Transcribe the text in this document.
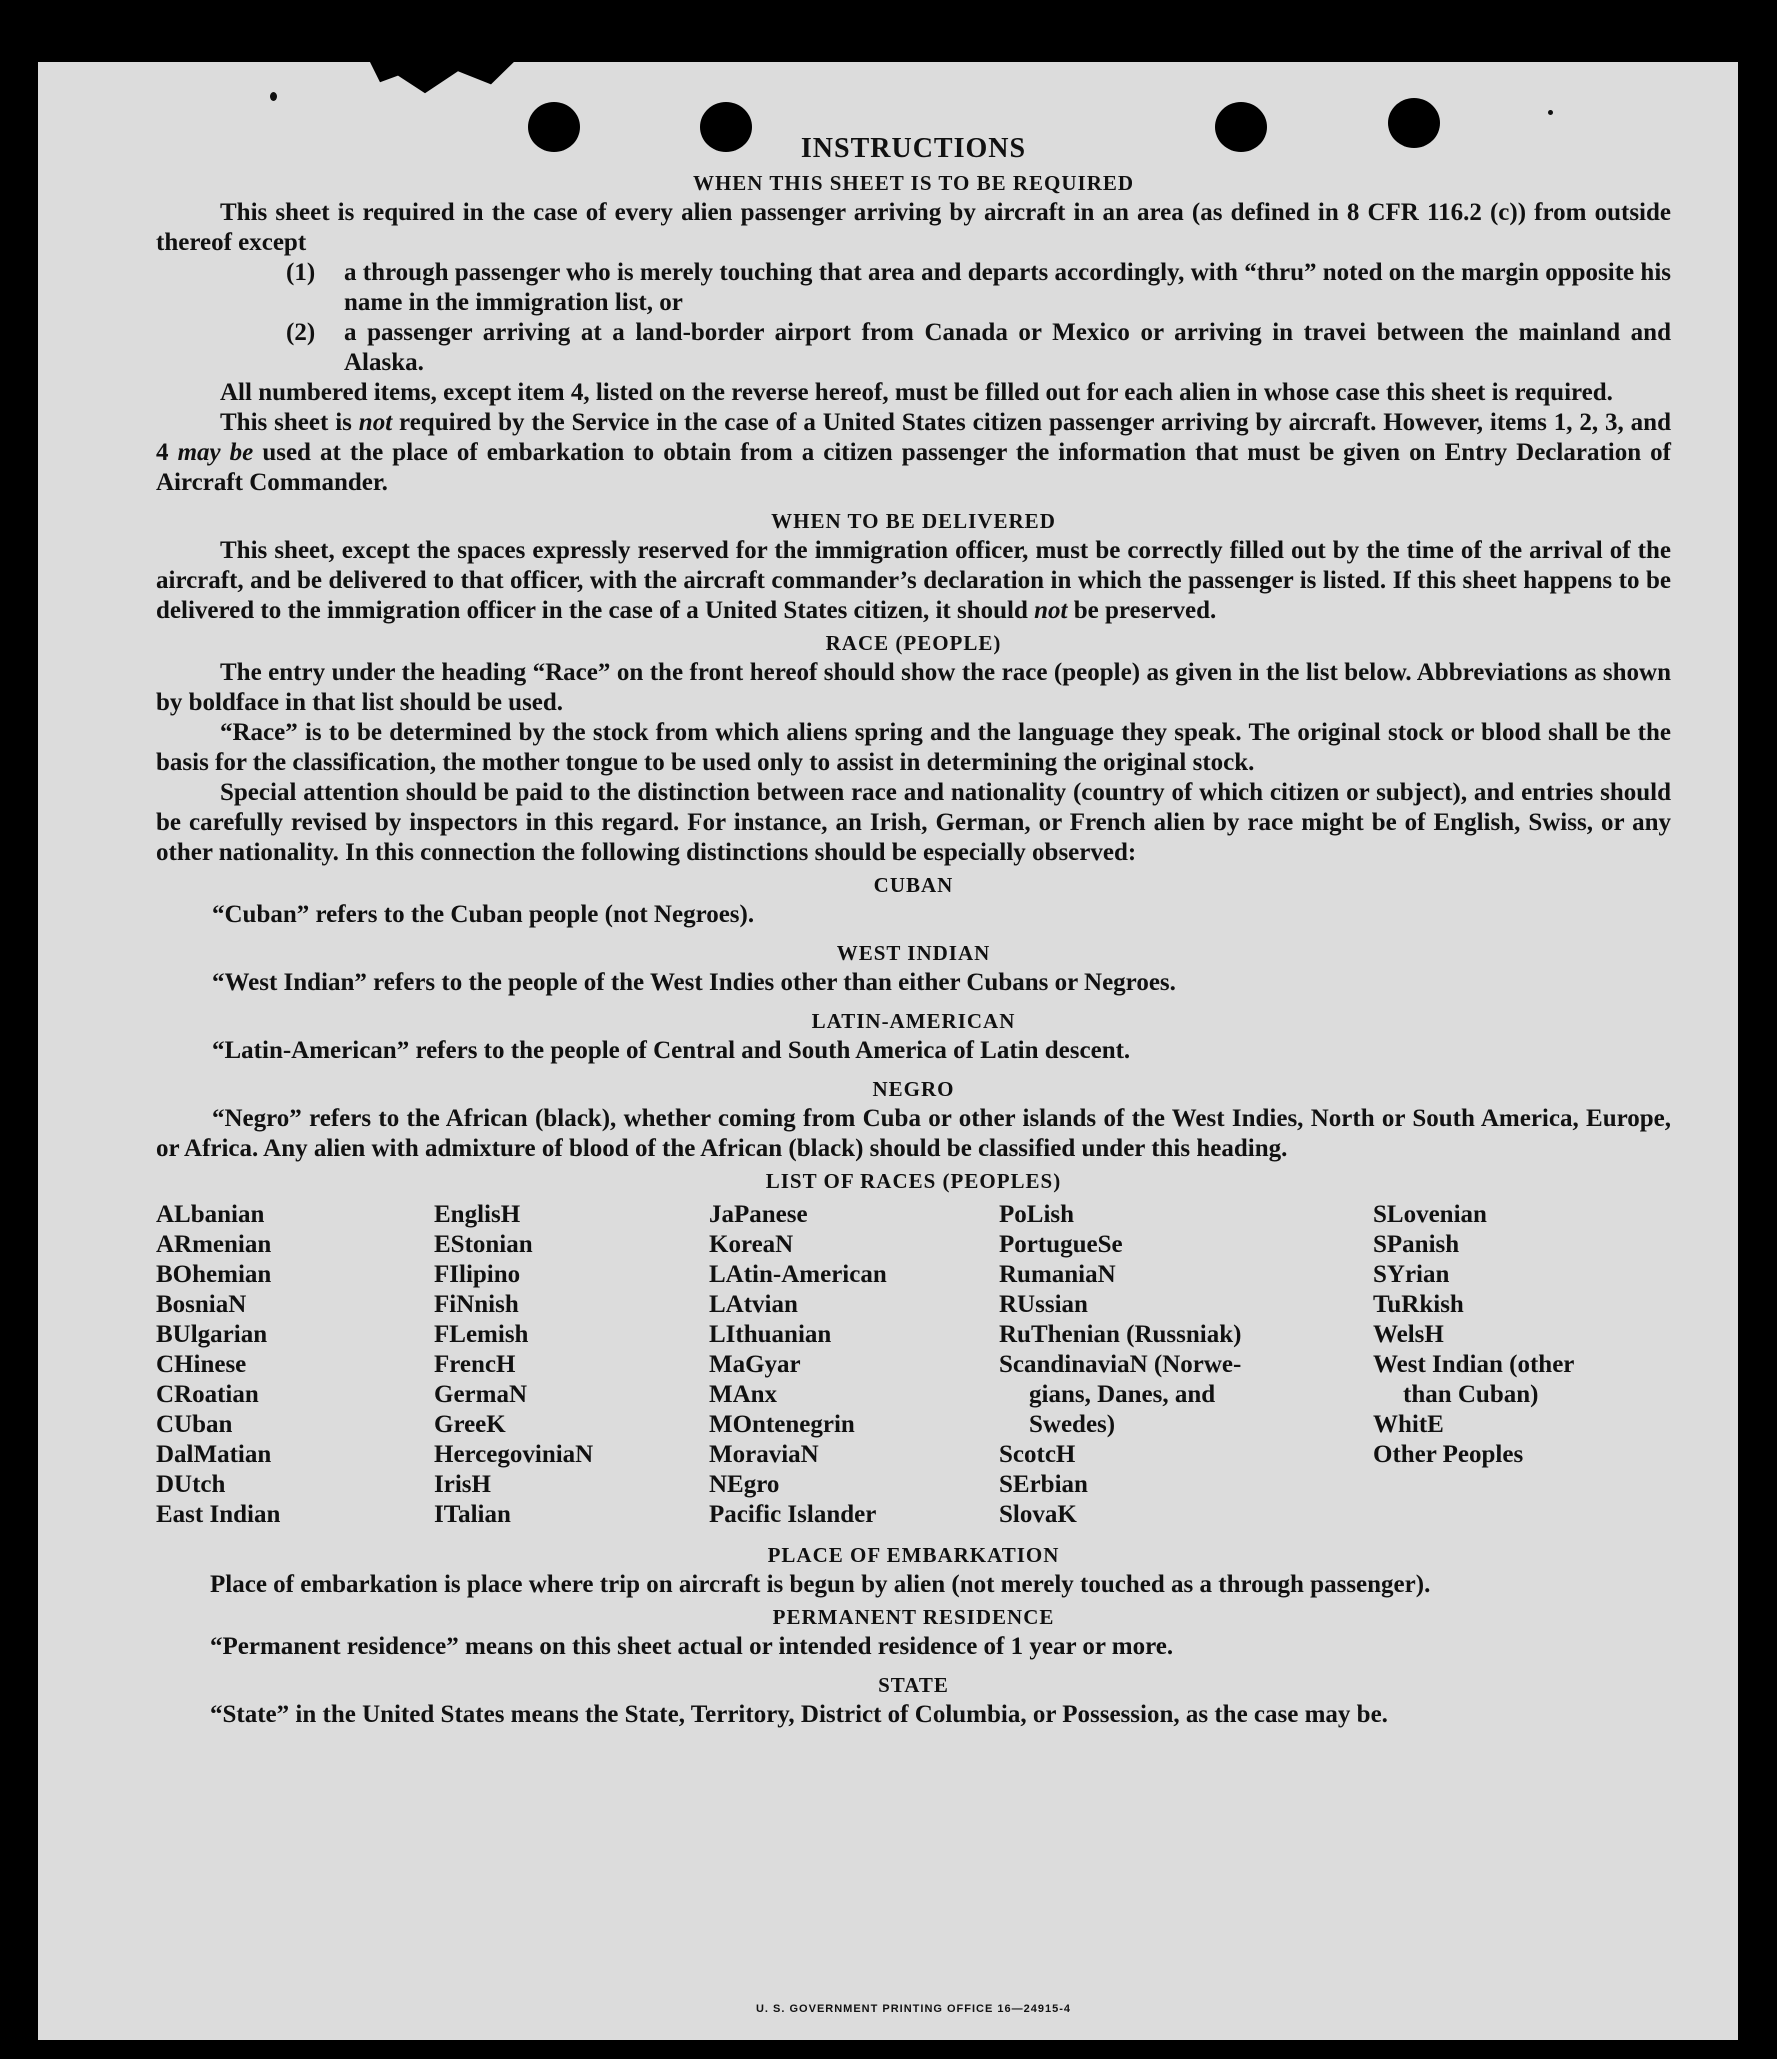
INSTRUCTIONS
WHEN THIS SHEET IS TO BE REQUIRED

This sheet is required in the case of every alien passenger arriving by aircraft in an area (as defined in 8 CFR 116.2 (c)) from outside thereof except

(1)	a through passenger who is merely touching that area and departs accordingly, with “thru” noted on the margin opposite his name in the immigration list, or
(2)	a passenger arriving at a land-border airport from Canada or Mexico or arriving in travei between the mainland and Alaska.

All numbered items, except item 4, listed on the reverse hereof, must be filled out for each alien in whose case this sheet is required.

This sheet is not required by the Service in the case of a United States citizen passenger arriving by aircraft. However, items 1, 2, 3, and 4 may be used at the place of embarkation to obtain from a citizen passenger the information that must be given on Entry Declaration of Aircraft Commander.

WHEN TO BE DELIVERED

This sheet, except the spaces expressly reserved for the immigration officer, must be correctly filled out by the time of the arrival of the aircraft, and be delivered to that officer, with the aircraft commander’s declaration in which the passenger is listed. If this sheet happens to be delivered to the immigration officer in the case of a United States citizen, it should not be preserved.

RACE (PEOPLE)

The entry under the heading “Race” on the front hereof should show the race (people) as given in the list below. Abbreviations as shown by boldface in that list should be used.

“Race” is to be determined by the stock from which aliens spring and the language they speak. The original stock or blood shall be the basis for the classification, the mother tongue to be used only to assist in determining the original stock.

Special attention should be paid to the distinction between race and nationality (country of which citizen or subject), and entries should be carefully revised by inspectors in this regard. For instance, an Irish, German, or French alien by race might be of English, Swiss, or any other nationality. In this connection the following distinctions should be especially observed:

CUBAN

“Cuban” refers to the Cuban people (not Negroes).

WEST INDIAN

“West Indian” refers to the people of the West Indies other than either Cubans or Negroes.

LATIN-AMERICAN

“Latin-American” refers to the people of Central and South America of Latin descent.

NEGRO

“Negro” refers to the African (black), whether coming from Cuba or other islands of the West Indies, North or South America, Europe, or Africa. Any alien with admixture of blood of the African (black) should be classified under this heading.

LIST OF RACES (PEOPLES)
ALbanian
ARmenian
BOhemian
BosniaN
BUlgarian
CHinese
CRoatian
CUban
DalMatian
DUtch
East Indian
EnglisH
EStonian
FIlipino
FiNnish
FLemish
FrencH
GermaN
GreeK
HercegoviniaN
IrisH
ITalian
JaPanese
KoreaN
LAtin-American
LAtvian
LIthuanian
MaGyar
MAnx
MOntenegrin
MoraviaN
NEgro
Pacific Islander
PoLish
PortugueSe
RumaniaN
RUssian
RuThenian (Russniak)
ScandinaviaN (Norwe-
gians, Danes, and
Swedes)
ScotcH
SErbian
SlovaK
SLovenian
SPanish
SYrian
TuRkish
WelsH
West Indian (other
than Cuban)
WhitE
Other Peoples
PLACE OF EMBARKATION

Place of embarkation is place where trip on aircraft is begun by alien (not merely touched as a through passenger).

PERMANENT RESIDENCE

“Permanent residence” means on this sheet actual or intended residence of 1 year or more.

STATE

“State” in the United States means the State, Territory, District of Columbia, or Possession, as the case may be.

U. S. GOVERNMENT PRINTING OFFICE 16—24915-4
